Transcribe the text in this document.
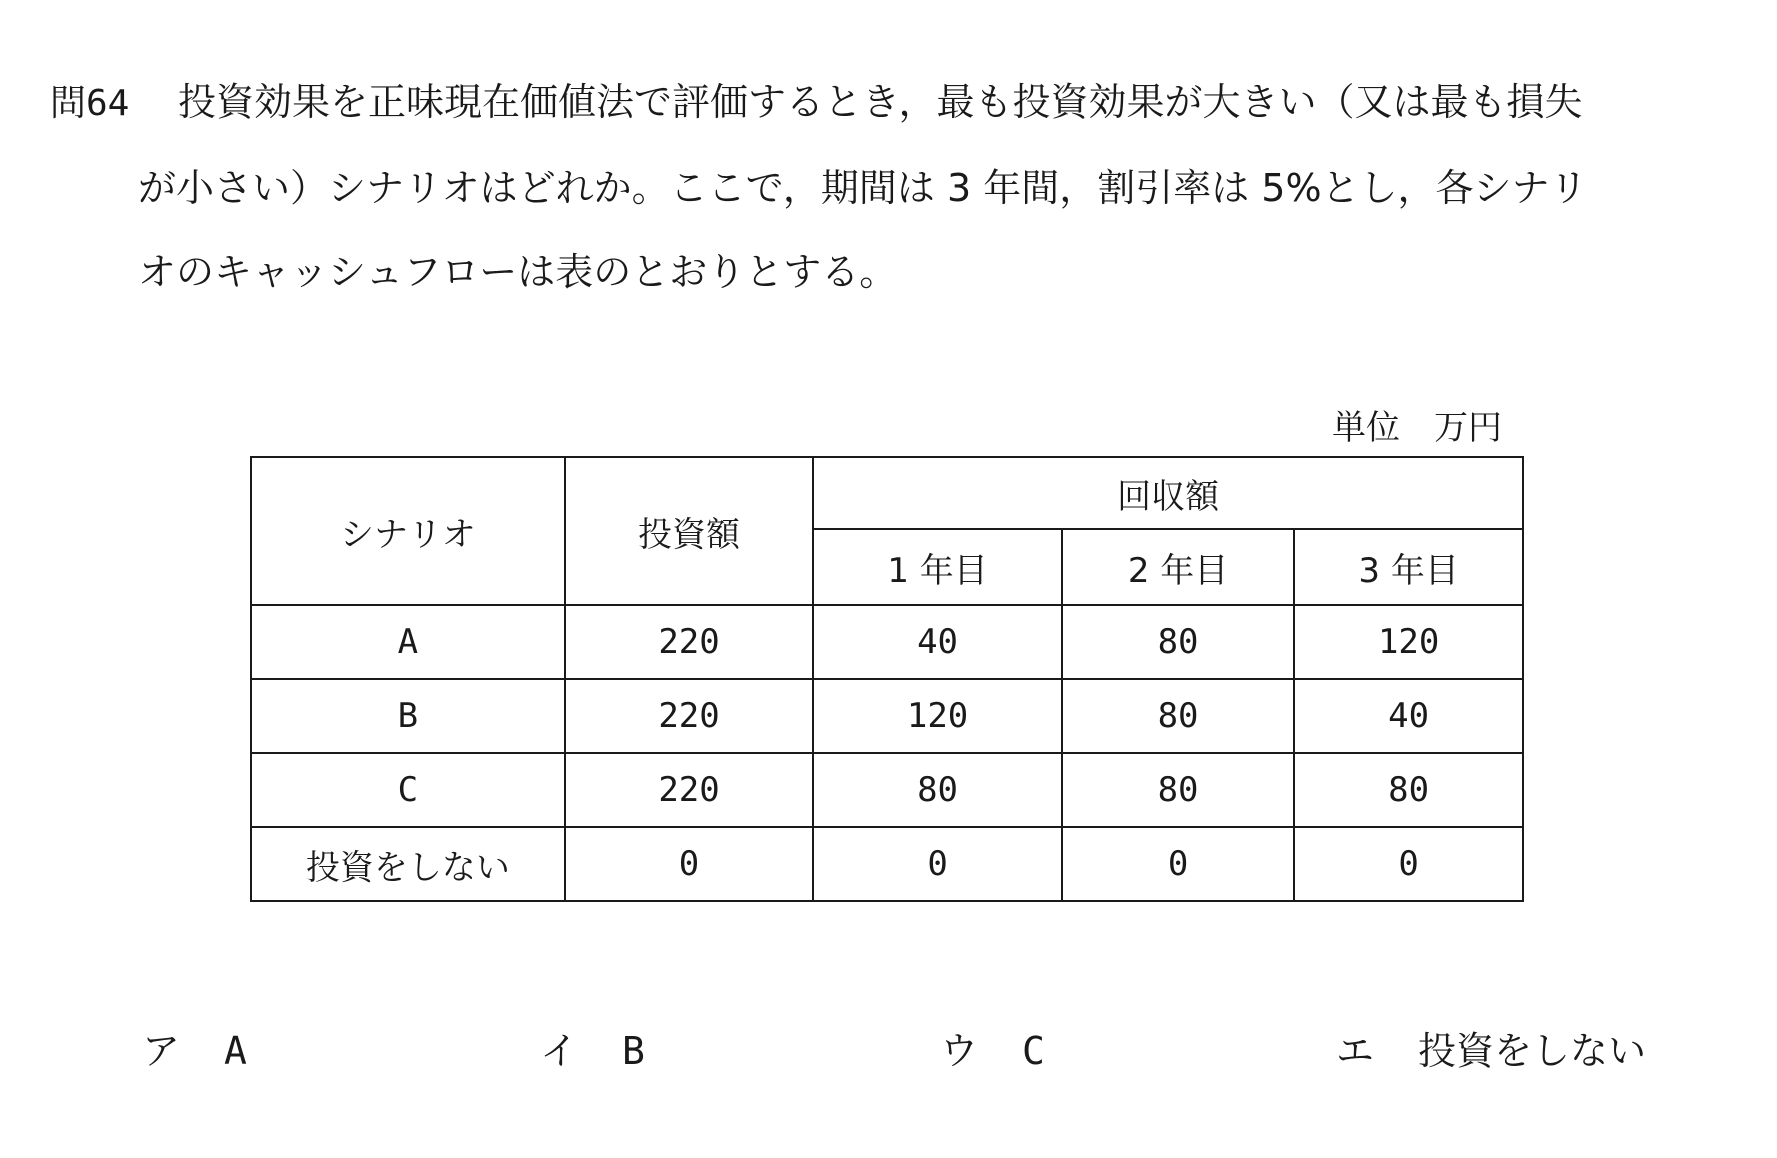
問64 投資効果を正味現在価値法で評価するとき，最も投資効果が大きい（又は最も損失
が小さい）シナリオはどれか。ここで，期間は 3 年間，割引率は 5%とし，各シナリ
オのキャッシュフローは表のとおりとする。
単位　万円
シナリオ	投資額	回収額		
		1 年目	2 年目	3 年目
A	220	40	80	120
B	220	120	80	40
C	220	80	80	80
投資をしない	0	0	0	0
ア A	イ B	ウ C	エ 投資をしない
